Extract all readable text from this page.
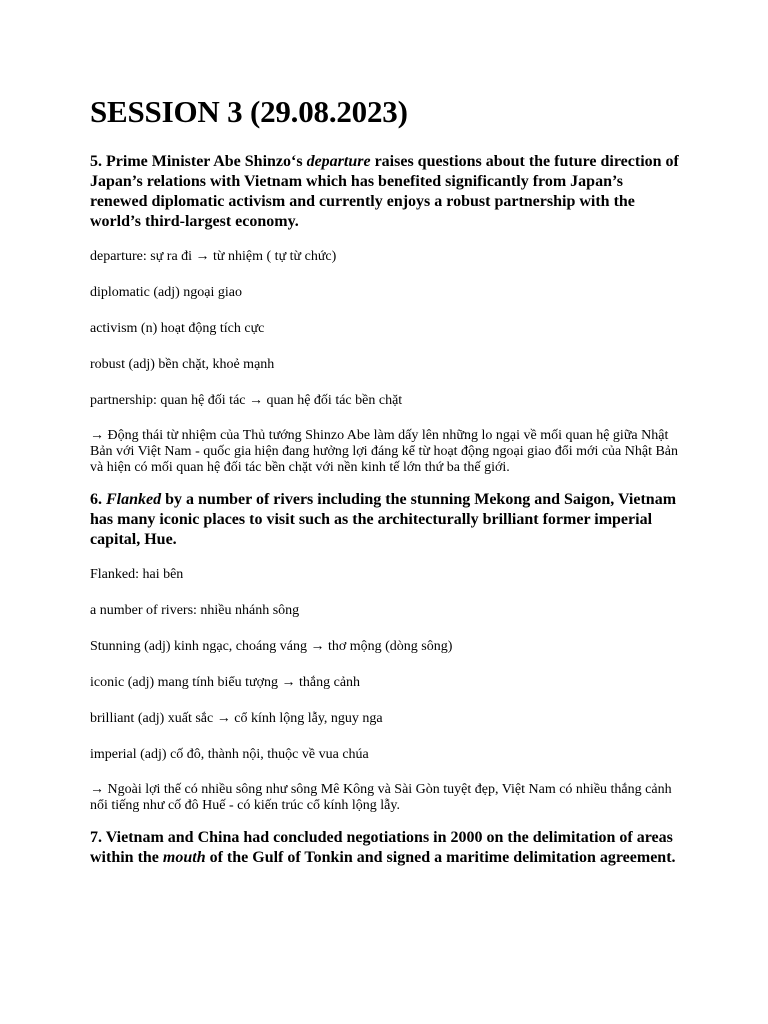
SESSION 3 (29.08.2023)

5. Prime Minister Abe Shinzo‘s departure raises questions about the future direction of Japan’s relations with Vietnam which has benefited significantly from Japan’s renewed diplomatic activism and currently enjoys a robust partnership with the world’s third-largest economy.

departure: sự ra đi → từ nhiệm ( tự từ chức)

diplomatic (adj) ngoại giao

activism (n) hoạt động tích cực

robust (adj) bền chặt, khoẻ mạnh

partnership: quan hệ đối tác → quan hệ đối tác bền chặt

→ Động thái từ nhiệm của Thủ tướng Shinzo Abe làm dấy lên những lo ngại về mối quan hệ giữa Nhật Bản với Việt Nam - quốc gia hiện đang hưởng lợi đáng kể từ hoạt động ngoại giao đổi mới của Nhật Bản và hiện có mối quan hệ đối tác bền chặt với nền kinh tế lớn thứ ba thế giới.

6. Flanked by a number of rivers including the stunning Mekong and Saigon, Vietnam has many iconic places to visit such as the architecturally brilliant former imperial capital, Hue.

Flanked: hai bên

a number of rivers: nhiều nhánh sông

Stunning (adj) kinh ngạc, choáng váng → thơ mộng (dòng sông)

iconic (adj) mang tính biểu tượng → thắng cảnh

brilliant (adj) xuất sắc → cổ kính lộng lẫy, nguy nga

imperial (adj) cố đô, thành nội, thuộc về vua chúa

→ Ngoài lợi thế có nhiều sông như sông Mê Kông và Sài Gòn tuyệt đẹp, Việt Nam có nhiều thắng cảnh nổi tiếng như cố đô Huế - có kiến trúc cổ kính lộng lẫy.

7. Vietnam and China had concluded negotiations in 2000 on the delimitation of areas within the mouth of the Gulf of Tonkin and signed a maritime delimitation agreement.
